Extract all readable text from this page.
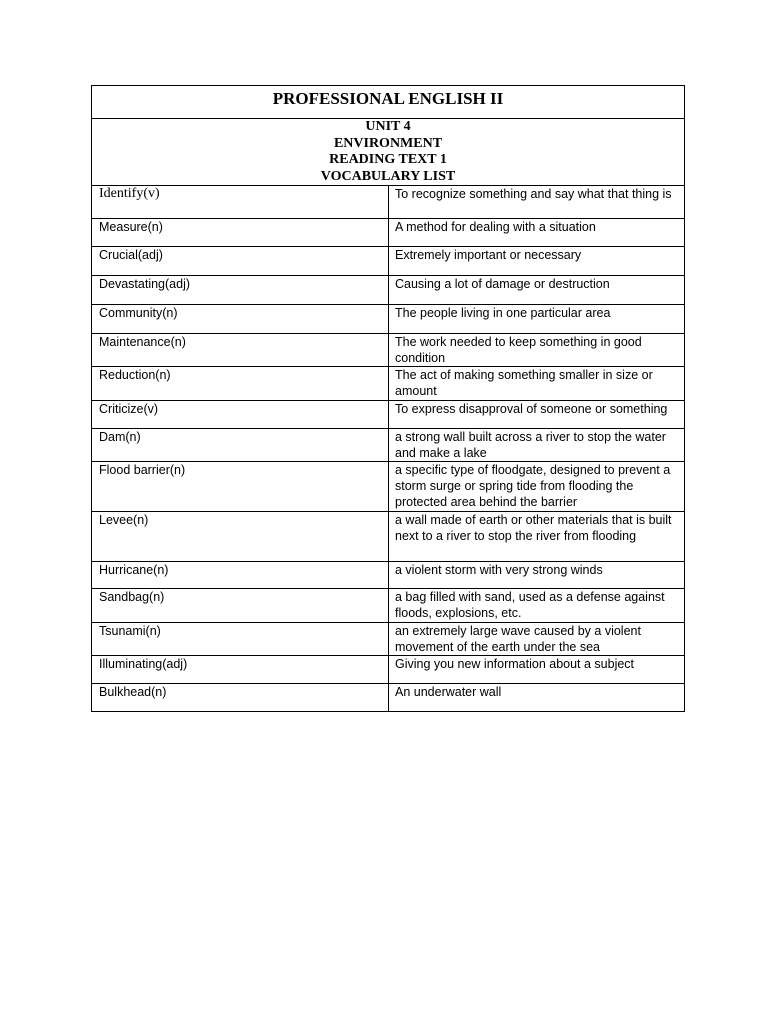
PROFESSIONAL ENGLISH II	

UNIT 4
ENVIRONMENT
READING TEXT 1
VOCABULARY LIST	

Identify(v)	To recognize something and say what that thing is
Measure(n)	A method for dealing with a situation
Crucial(adj)	Extremely important or necessary
Devastating(adj)	Causing a lot of damage or destruction
Community(n)	The people living in one particular area
Maintenance(n)	The work needed to keep something in good condition
Reduction(n)	The act of making something smaller in size or amount
Criticize(v)	To express disapproval of someone or something
Dam(n)	a strong wall built across a river to stop the water and make a lake
Flood barrier(n)	a specific type of floodgate, designed to prevent a storm surge or spring tide from flooding the protected area behind the barrier
Levee(n)	a wall made of earth or other materials that is built next to a river to stop the river from flooding
Hurricane(n)	a violent storm with very strong winds
Sandbag(n)	a bag filled with sand, used as a defense against floods, explosions, etc.
Tsunami(n)	an extremely large wave caused by a violent movement of the earth under the sea
Illuminating(adj)	Giving you new information about a subject
Bulkhead(n)	An underwater wall
